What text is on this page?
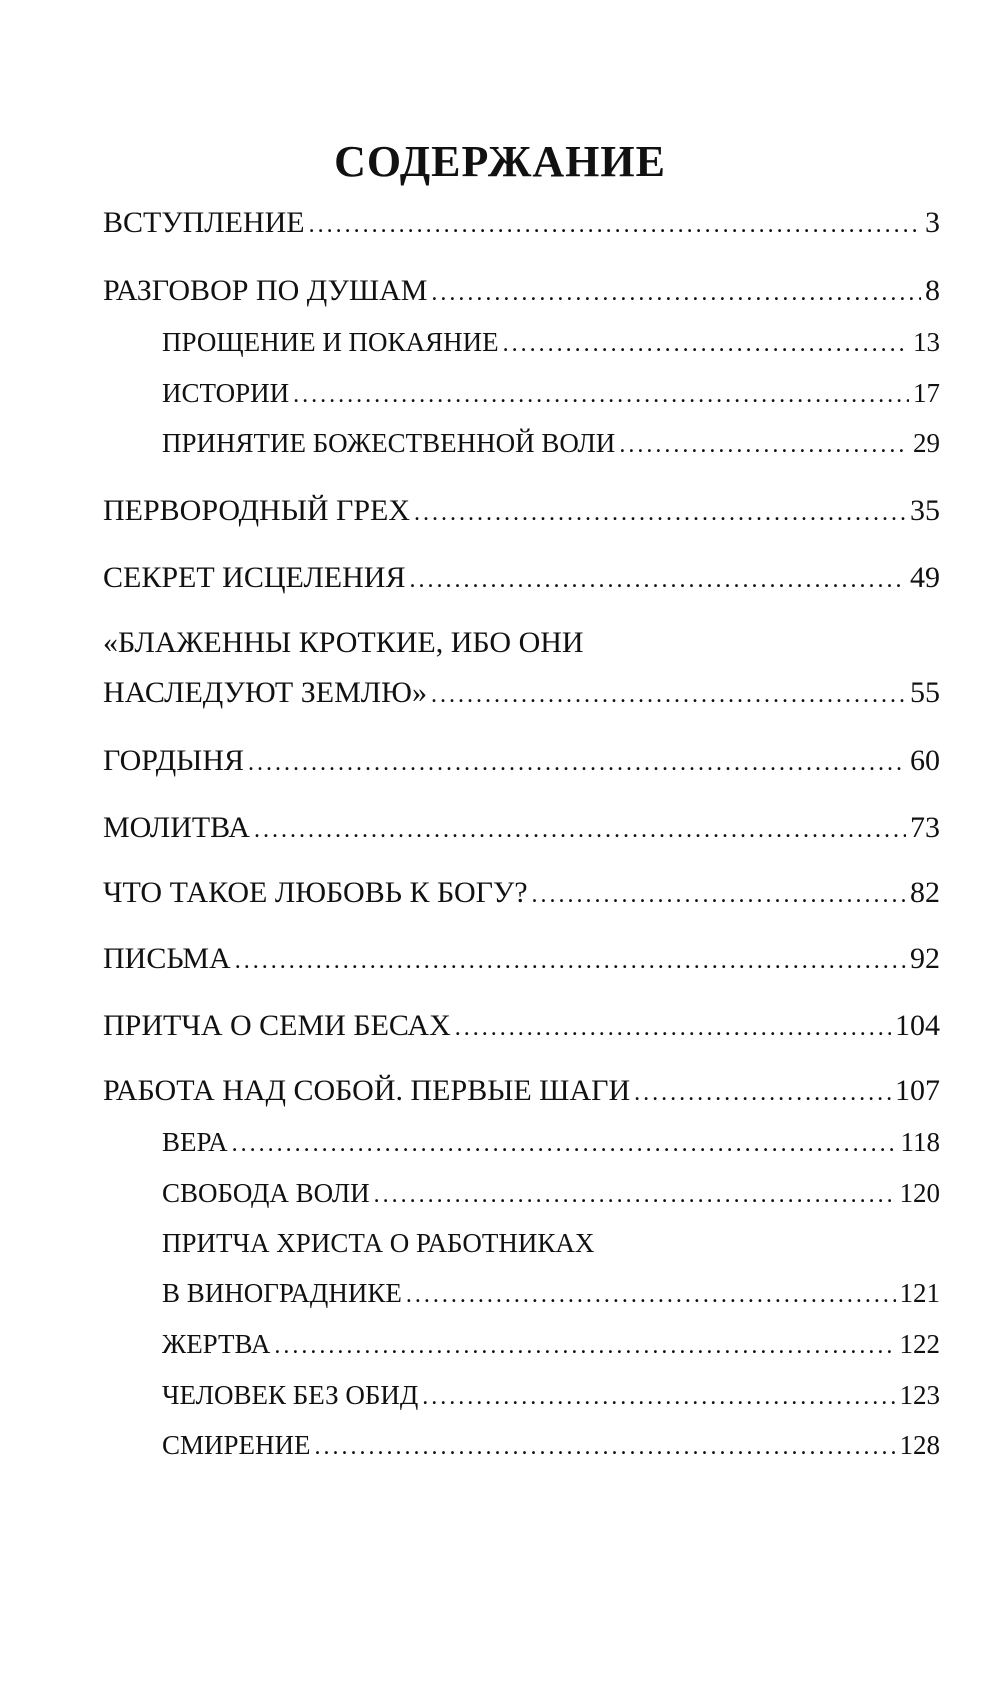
СОДЕРЖАНИЕ
ВСТУПЛЕНИЕ .....	3
РАЗГОВОР ПО ДУШАМ .....	8
ПРОЩЕНИЕ И ПОКАЯНИЕ .....	13
ИСТОРИИ .....	17
ПРИНЯТИЕ БОЖЕСТВЕННОЙ ВОЛИ .....	29
ПЕРВОРОДНЫЙ ГРЕХ .....	35
СЕКРЕТ ИСЦЕЛЕНИЯ .....	49
«БЛАЖЕННЫ КРОТКИЕ, ИБО ОНИ
НАСЛЕДУЮТ ЗЕМЛЮ» .....	55
ГОРДЫНЯ .....	60
МОЛИТВА .....	73
ЧТО ТАКОЕ ЛЮБОВЬ К БОГУ? .....	82
ПИСЬМА .....	92
ПРИТЧА О СЕМИ БЕСАХ .....	104
РАБОТА НАД СОБОЙ. ПЕРВЫЕ ШАГИ .....	107
ВЕРА .....	118
СВОБОДА ВОЛИ .....	120
ПРИТЧА ХРИСТА О РАБОТНИКАХ
В ВИНОГРАДНИКЕ .....	121
ЖЕРТВА .....	122
ЧЕЛОВЕК БЕЗ ОБИД .....	123
СМИРЕНИЕ .....	128
